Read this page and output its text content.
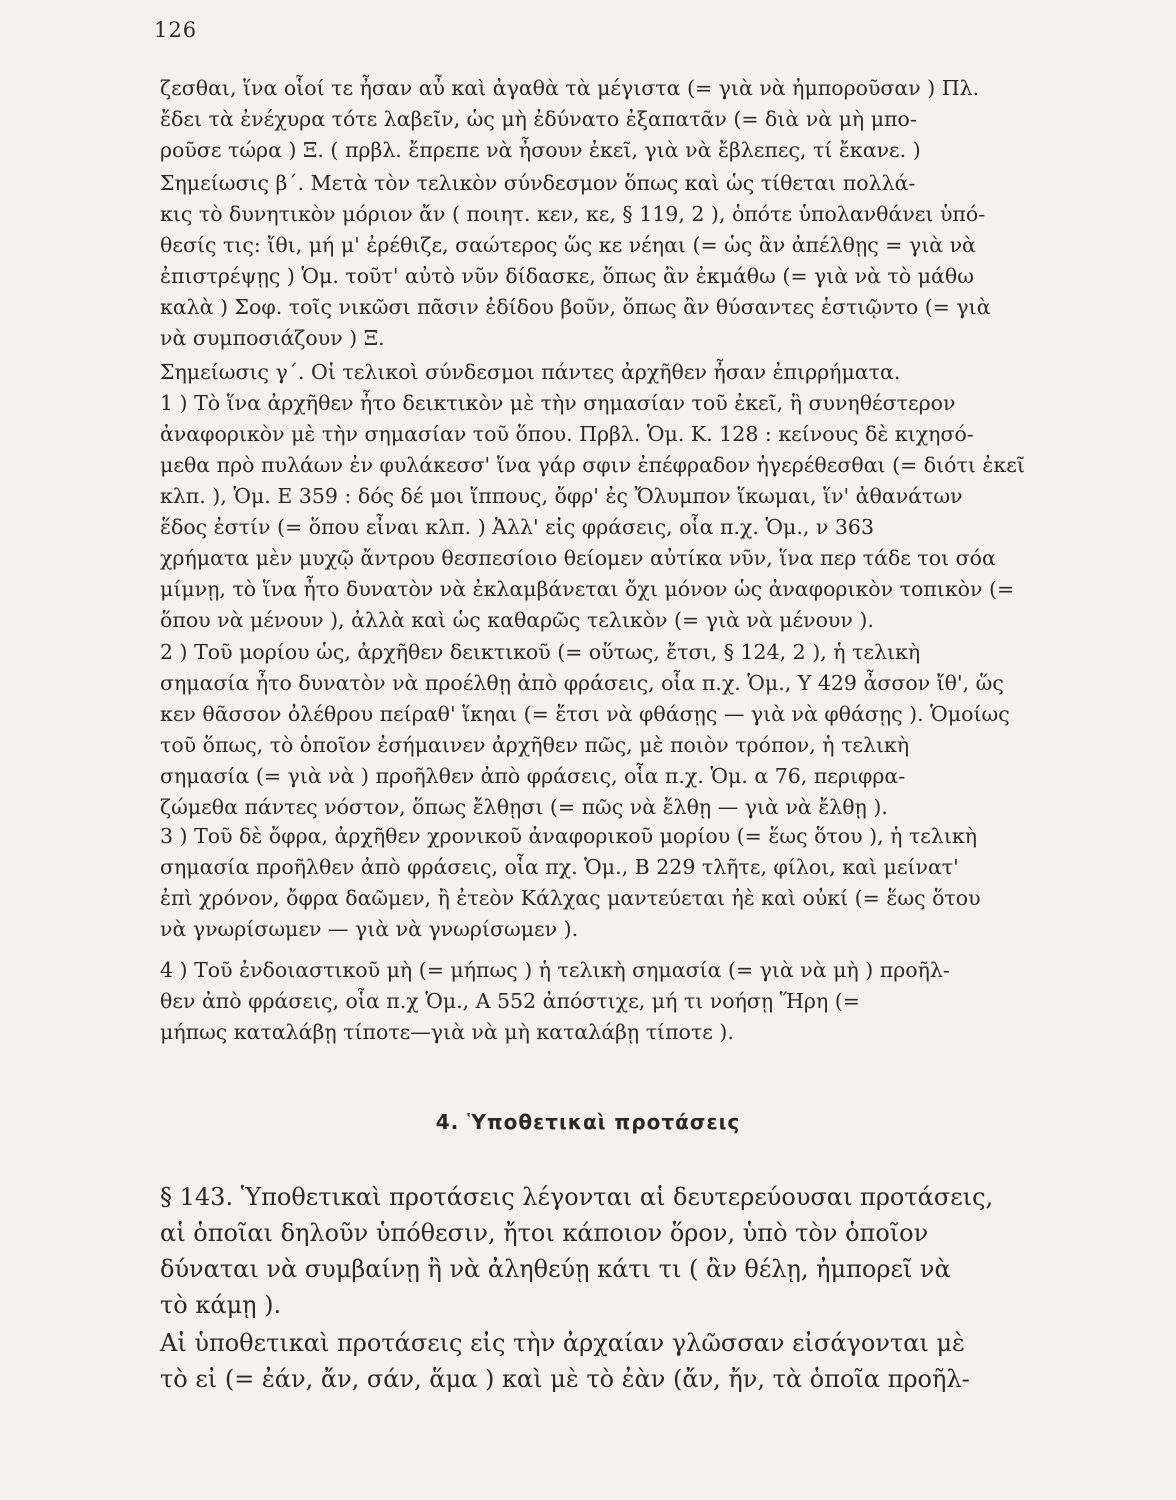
126
ζεσθαι, ἵνα οἷοί τε ἦσαν αὖ καὶ ἀγαθὰ τὰ μέγιστα (= γιὰ νὰ ἠμποροῦσαν ) Πλ.
ἔδει τὰ ἐνέχυρα τότε λαβεῖν, ὡς μὴ ἐδύνατο ἐξαπατᾶν (= διὰ νὰ μὴ μπο-
ροῦσε τώρα ) Ξ. ( πρβλ. ἔπρεπε νὰ ἦσουν ἐκεῖ, γιὰ νὰ ἔβλεπες, τί ἔκανε. )
Σημείωσις β΄. Μετὰ τὸν τελικὸν σύνδεσμον ὅπως καὶ ὡς τίθεται πολλά-
κις τὸ δυνητικὸν μόριον ἄν ( ποιητ. κεν, κε, § 119, 2 ), ὁπότε ὑπολανθάνει ὑπό-
θεσίς τις: ἴθι, μή μ' ἐρέθιζε, σαώτερος ὥς κε νέηαι (= ὡς ἂν ἀπέλθῃς = γιὰ νὰ
ἐπιστρέψῃς ) Ὁμ. τοῦτ' αὐτὸ νῦν δίδασκε, ὅπως ἂν ἐκμάθω (= γιὰ νὰ τὸ μάθω
καλὰ ) Σοφ. τοῖς νικῶσι πᾶσιν ἐδίδου βοῦν, ὅπως ἂν θύσαντες ἑστιῷντο (= γιὰ
νὰ συμποσιάζουν ) Ξ.
Σημείωσις γ΄. Οἱ τελικοὶ σύνδεσμοι πάντες ἀρχῆθεν ἦσαν ἐπιρρήματα.
1 ) Τὸ ἵνα ἀρχῆθεν ἦτο δεικτικὸν μὲ τὴν σημασίαν τοῦ ἐκεῖ, ἢ συνηθέστερον
ἀναφορικὸν μὲ τὴν σημασίαν τοῦ ὅπου. Πρβλ. Ὁμ. Κ. 128 : κείνους δὲ κιχησό-
μεθα πρὸ πυλάων ἐν φυλάκεσσ' ἵνα γάρ σφιν ἐπέφραδον ἠγερέθεσθαι (= διότι ἐκεῖ
κλπ. ), Ὁμ. Ε 359 : δός δέ μοι ἵππους, ὄφρ' ἐς Ὄλυμπον ἵκωμαι, ἵν' ἀθανάτων
ἕδος ἐστίν (= ὅπου εἶναι κλπ. ) Ἀλλ' εἰς φράσεις, οἷα π.χ. Ὁμ., ν 363
χρήματα μὲν μυχῷ ἄντρου θεσπεσίοιο θείομεν αὐτίκα νῦν, ἵνα περ τάδε τοι σόα
μίμνῃ, τὸ ἵνα ἦτο δυνατὸν νὰ ἐκλαμβάνεται ὄχι μόνον ὡς ἀναφορικὸν τοπικὸν (=
ὅπου νὰ μένουν ), ἀλλὰ καὶ ὡς καθαρῶς τελικὸν (= γιὰ νὰ μένουν ).
2 ) Τοῦ μορίου ὡς, ἀρχῆθεν δεικτικοῦ (= οὕτως, ἔτσι, § 124, 2 ), ἡ τελικὴ
σημασία ἦτο δυνατὸν νὰ προέλθῃ ἀπὸ φράσεις, οἷα π.χ. Ὁμ., Υ 429 ἆσσον ἴθ', ὥς
κεν θᾶσσον ὀλέθρου πείραθ' ἵκηαι (= ἔτσι νὰ φθάσῃς — γιὰ νὰ φθάσῃς ). Ὁμοίως
τοῦ ὅπως, τὸ ὁποῖον ἐσήμαινεν ἀρχῆθεν πῶς, μὲ ποιὸν τρόπον, ἡ τελικὴ
σημασία (= γιὰ νὰ ) προῆλθεν ἀπὸ φράσεις, οἷα π.χ. Ὁμ. α 76, περιφρα-
ζώμεθα πάντες νόστον, ὅπως ἔλθῃσι (= πῶς νὰ ἔλθῃ — γιὰ νὰ ἔλθῃ ).
3 ) Τοῦ δὲ ὄφρα, ἀρχῆθεν χρονικοῦ ἀναφορικοῦ μορίου (= ἕως ὅτου ), ἡ τελικὴ
σημασία προῆλθεν ἀπὸ φράσεις, οἷα πχ. Ὁμ., Β 229 τλῆτε, φίλοι, καὶ μείνατ'
ἐπὶ χρόνον, ὄφρα δαῶμεν, ἢ ἐτεὸν Κάλχας μαντεύεται ἠὲ καὶ οὐκί (= ἕως ὅτου
νὰ γνωρίσωμεν — γιὰ νὰ γνωρίσωμεν ).
4 ) Τοῦ ἐνδοιαστικοῦ μὴ (= μήπως ) ἡ τελικὴ σημασία (= γιὰ νὰ μὴ ) προῆλ-
θεν ἀπὸ φράσεις, οἷα π.χ Ὁμ., Α 552 ἀπόστιχε, μή τι νοήσῃ Ἥρη (=
μήπως καταλάβῃ τίποτε—γιὰ νὰ μὴ καταλάβῃ τίποτε ).
4. Ὑποθετικαὶ προτάσεις
§ 143. Ὑποθετικαὶ προτάσεις λέγονται αἱ δευτερεύουσαι προτάσεις,
αἱ ὁποῖαι δηλοῦν ὑπόθεσιν, ἤτοι κάποιον ὅρον, ὑπὸ τὸν ὁποῖον
δύναται νὰ συμβαίνῃ ἢ νὰ ἀληθεύῃ κάτι τι ( ἂν θέλῃ, ἠμπορεῖ νὰ
τὸ κάμῃ ).
Αἱ ὑποθετικαὶ προτάσεις εἰς τὴν ἀρχαίαν γλῶσσαν εἰσάγονται μὲ
τὸ εἰ (= ἐάν, ἄν, σάν, ἅμα ) καὶ μὲ τὸ ἐὰν (ἄν, ἤν, τὰ ὁποῖα προῆλ-
